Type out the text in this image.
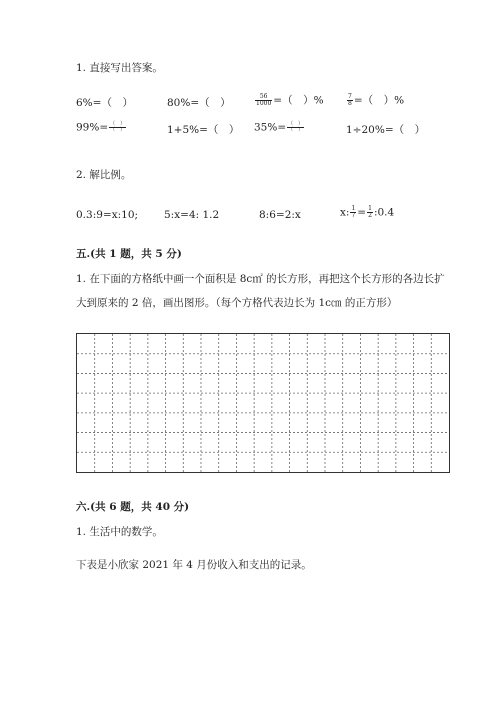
1. 直接写出答案。
6%=（　）	80%=（　）	$\frac{56}{1000}$ =（　）%	$\frac{7}{8}$ =（　）%
$99\%= \frac{( )}{( )}$	1+5%=（　） $35\%= \frac{( )}{( )}$	1÷20%=（　）
2. 解比例。
0.3:9=x:10; 5:x=4: 1.2	8:6=2:x	x: $\frac{1}{7} = \frac{1}{2}$ :0.4
五.(共 1 题，共 5 分)
1. 在下面的方格纸中画一个面积是 8c㎡ 的长方形，再把这个长方形的各边长扩
大到原来的 2 倍，画出图形。（每个方格代表边长为 1c㎝ 的正方形）
六.(共 6 题，共 40 分)
1. 生活中的数学。
下表是小欣家 2021 年 4 月份收入和支出的记录。
